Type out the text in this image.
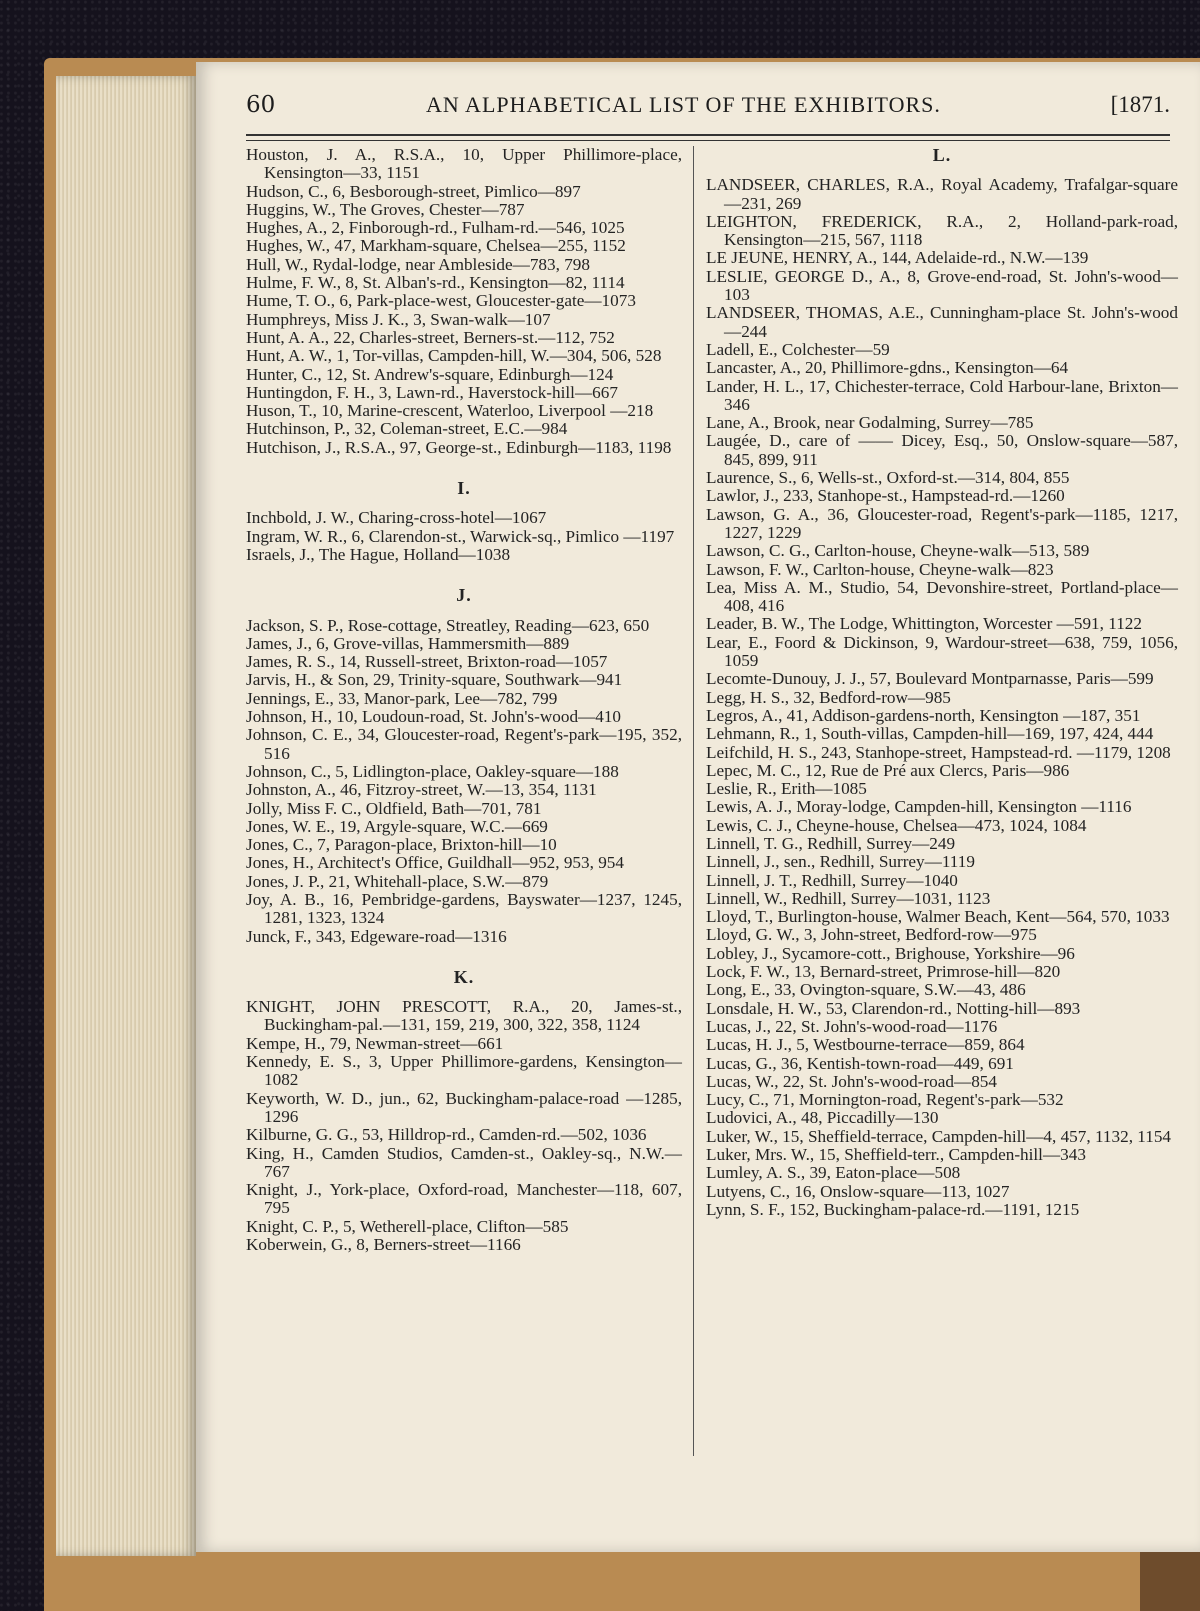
60	AN ALPHABETICAL LIST OF THE EXHIBITORS.	[1871.
Houston, J. A., R.S.A., 10, Upper Phillimore-place, Kensington—33, 1151
Hudson, C., 6, Besborough-street, Pimlico—897
Huggins, W., The Groves, Chester—787
Hughes, A., 2, Finborough-rd., Fulham-rd.—546, 1025
Hughes, W., 47, Markham-square, Chelsea—255, 1152
Hull, W., Rydal-lodge, near Ambleside—783, 798
Hulme, F. W., 8, St. Alban's-rd., Kensington—82, 1114
Hume, T. O., 6, Park-place-west, Gloucester-gate—1073
Humphreys, Miss J. K., 3, Swan-walk—107
Hunt, A. A., 22, Charles-street, Berners-st.—112, 752
Hunt, A. W., 1, Tor-villas, Campden-hill, W.—304, 506, 528
Hunter, C., 12, St. Andrew's-square, Edinburgh—124
Huntingdon, F. H., 3, Lawn-rd., Haverstock-hill—667
Huson, T., 10, Marine-crescent, Waterloo, Liverpool —218
Hutchinson, P., 32, Coleman-street, E.C.—984
Hutchison, J., R.S.A., 97, George-st., Edinburgh—1183, 1198
I.
Inchbold, J. W., Charing-cross-hotel—1067
Ingram, W. R., 6, Clarendon-st., Warwick-sq., Pimlico —1197
Israels, J., The Hague, Holland—1038
J.
Jackson, S. P., Rose-cottage, Streatley, Reading—623, 650
James, J., 6, Grove-villas, Hammersmith—889
James, R. S., 14, Russell-street, Brixton-road—1057
Jarvis, H., & Son, 29, Trinity-square, Southwark—941
Jennings, E., 33, Manor-park, Lee—782, 799
Johnson, H., 10, Loudoun-road, St. John's-wood—410
Johnson, C. E., 34, Gloucester-road, Regent's-park—195, 352, 516
Johnson, C., 5, Lidlington-place, Oakley-square—188
Johnston, A., 46, Fitzroy-street, W.—13, 354, 1131
Jolly, Miss F. C., Oldfield, Bath—701, 781
Jones, W. E., 19, Argyle-square, W.C.—669
Jones, C., 7, Paragon-place, Brixton-hill—10
Jones, H., Architect's Office, Guildhall—952, 953, 954
Jones, J. P., 21, Whitehall-place, S.W.—879
Joy, A. B., 16, Pembridge-gardens, Bayswater—1237, 1245, 1281, 1323, 1324
Junck, F., 343, Edgeware-road—1316
K.
KNIGHT, JOHN PRESCOTT, R.A., 20, James-st., Buckingham-pal.—131, 159, 219, 300, 322, 358, 1124
Kempe, H., 79, Newman-street—661
Kennedy, E. S., 3, Upper Phillimore-gardens, Kensington—1082
Keyworth, W. D., jun., 62, Buckingham-palace-road —1285, 1296
Kilburne, G. G., 53, Hilldrop-rd., Camden-rd.—502, 1036
King, H., Camden Studios, Camden-st., Oakley-sq., N.W.—767
Knight, J., York-place, Oxford-road, Manchester—118, 607, 795
Knight, C. P., 5, Wetherell-place, Clifton—585
Koberwein, G., 8, Berners-street—1166
L.
LANDSEER, CHARLES, R.A., Royal Academy, Trafalgar-square—231, 269
LEIGHTON, FREDERICK, R.A., 2, Holland-park-road, Kensington—215, 567, 1118
LE JEUNE, HENRY, A., 144, Adelaide-rd., N.W.—139
LESLIE, GEORGE D., A., 8, Grove-end-road, St. John's-wood—103
LANDSEER, THOMAS, A.E., Cunningham-place St. John's-wood—244
Ladell, E., Colchester—59
Lancaster, A., 20, Phillimore-gdns., Kensington—64
Lander, H. L., 17, Chichester-terrace, Cold Harbour-lane, Brixton—346
Lane, A., Brook, near Godalming, Surrey—785
Laugée, D., care of —— Dicey, Esq., 50, Onslow-square—587, 845, 899, 911
Laurence, S., 6, Wells-st., Oxford-st.—314, 804, 855
Lawlor, J., 233, Stanhope-st., Hampstead-rd.—1260
Lawson, G. A., 36, Gloucester-road, Regent's-park—1185, 1217, 1227, 1229
Lawson, C. G., Carlton-house, Cheyne-walk—513, 589
Lawson, F. W., Carlton-house, Cheyne-walk—823
Lea, Miss A. M., Studio, 54, Devonshire-street, Portland-place—408, 416
Leader, B. W., The Lodge, Whittington, Worcester —591, 1122
Lear, E., Foord & Dickinson, 9, Wardour-street—638, 759, 1056, 1059
Lecomte-Dunouy, J. J., 57, Boulevard Montparnasse, Paris—599
Legg, H. S., 32, Bedford-row—985
Legros, A., 41, Addison-gardens-north, Kensington —187, 351
Lehmann, R., 1, South-villas, Campden-hill—169, 197, 424, 444
Leifchild, H. S., 243, Stanhope-street, Hampstead-rd. —1179, 1208
Lepec, M. C., 12, Rue de Pré aux Clercs, Paris—986
Leslie, R., Erith—1085
Lewis, A. J., Moray-lodge, Campden-hill, Kensington —1116
Lewis, C. J., Cheyne-house, Chelsea—473, 1024, 1084
Linnell, T. G., Redhill, Surrey—249
Linnell, J., sen., Redhill, Surrey—1119
Linnell, J. T., Redhill, Surrey—1040
Linnell, W., Redhill, Surrey—1031, 1123
Lloyd, T., Burlington-house, Walmer Beach, Kent—564, 570, 1033
Lloyd, G. W., 3, John-street, Bedford-row—975
Lobley, J., Sycamore-cott., Brighouse, Yorkshire—96
Lock, F. W., 13, Bernard-street, Primrose-hill—820
Long, E., 33, Ovington-square, S.W.—43, 486
Lonsdale, H. W., 53, Clarendon-rd., Notting-hill—893
Lucas, J., 22, St. John's-wood-road—1176
Lucas, H. J., 5, Westbourne-terrace—859, 864
Lucas, G., 36, Kentish-town-road—449, 691
Lucas, W., 22, St. John's-wood-road—854
Lucy, C., 71, Mornington-road, Regent's-park—532
Ludovici, A., 48, Piccadilly—130
Luker, W., 15, Sheffield-terrace, Campden-hill—4, 457, 1132, 1154
Luker, Mrs. W., 15, Sheffield-terr., Campden-hill—343
Lumley, A. S., 39, Eaton-place—508
Lutyens, C., 16, Onslow-square—113, 1027
Lynn, S. F., 152, Buckingham-palace-rd.—1191, 1215
